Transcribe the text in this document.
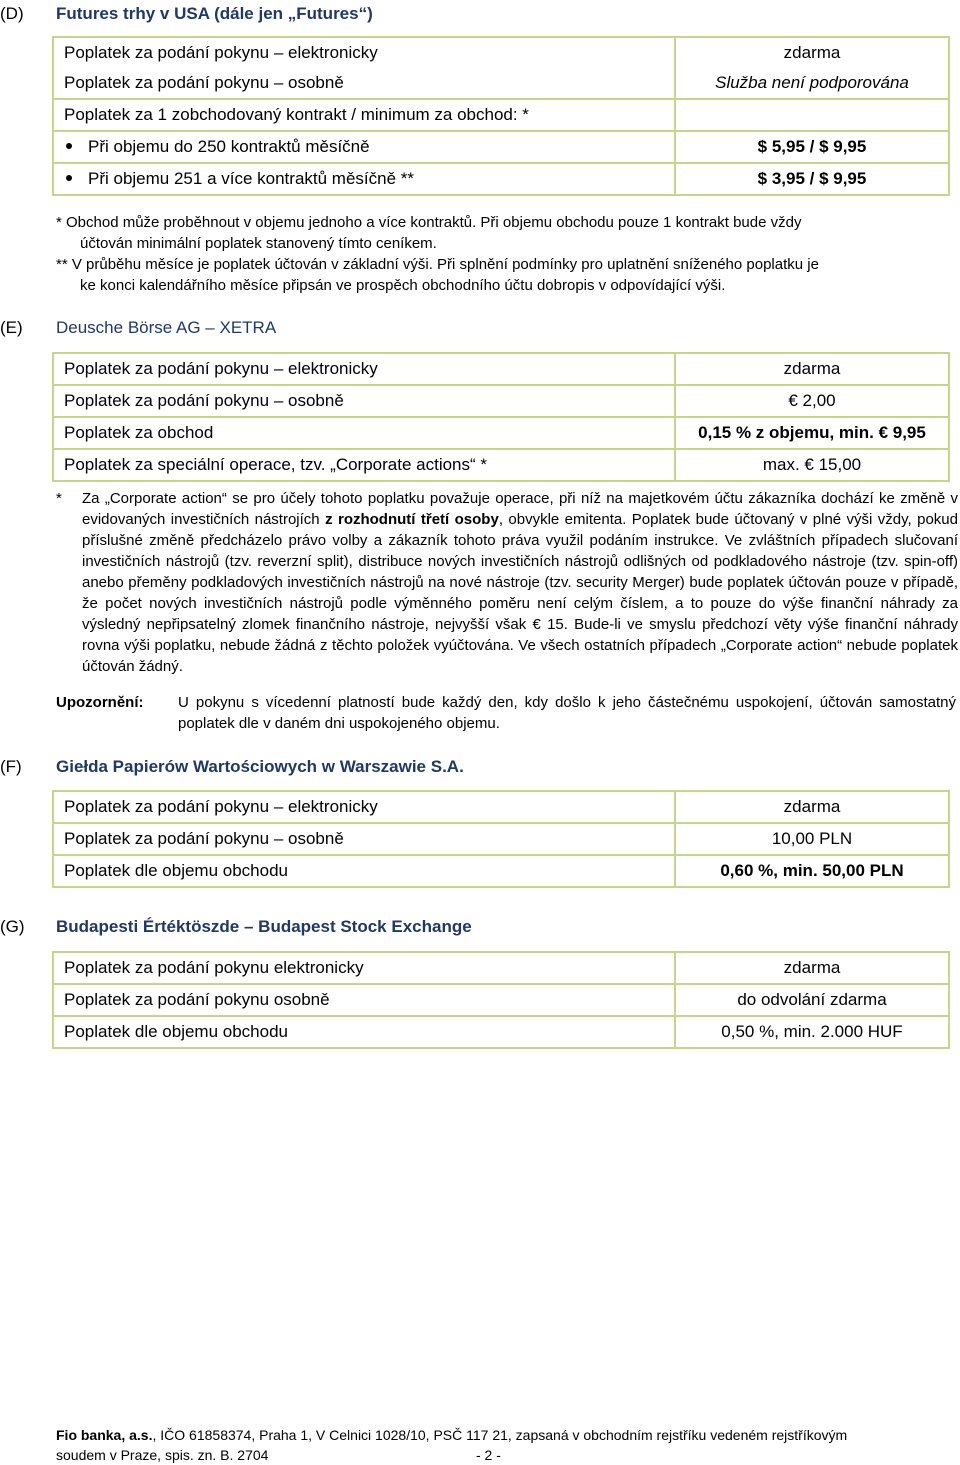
(D) Futures trhy v USA (dále jen „Futures“)
Poplatek za podání pokynu – elektronicky	zdarma
Poplatek za podání pokynu – osobně	Služba není podporována
Poplatek za 1 zobchodovaný kontrakt / minimum za obchod: *	
Při objemu do 250 kontraktů měsíčně	$ 5,95 / $ 9,95
Při objemu 251 a více kontraktů měsíčně **	$ 3,95 / $ 9,95
* Obchod může proběhnout v objemu jednoho a více kontraktů. Při objemu obchodu pouze 1 kontrakt bude vždy
účtován minimální poplatek stanovený tímto ceníkem.
** V průběhu měsíce je poplatek účtován v základní výši. Při splnění podmínky pro uplatnění sníženého poplatku je
ke konci kalendářního měsíce připsán ve prospěch obchodního účtu dobropis v odpovídající výši.
(E) Deusche Börse AG – XETRA
Poplatek za podání pokynu – elektronicky	zdarma
Poplatek za podání pokynu – osobně	€ 2,00
Poplatek za obchod	0,15 % z objemu, min. € 9,95
Poplatek za speciální operace, tzv. „Corporate actions“ *	max. € 15,00
*	Za „Corporate action“ se pro účely tohoto poplatku považuje operace, při níž na majetkovém účtu zákazníka dochází ke změně v evidovaných investičních nástrojích z rozhodnutí třetí osoby, obvykle emitenta. Poplatek bude účtovaný v plné výši vždy, pokud příslušné změně předcházelo právo volby a zákazník tohoto práva využil podáním instrukce. Ve zvláštních případech slučovaní investičních nástrojů (tzv. reverzní split), distribuce nových investičních nástrojů odlišných od podkladového nástroje (tzv. spin-off) anebo přeměny podkladových investičních nástrojů na nové nástroje (tzv. security Merger) bude poplatek účtován pouze v případě, že počet nových investičních nástrojů podle výměnného poměru není celým číslem, a to pouze do výše finanční náhrady za výsledný nepřipsatelný zlomek finančního nástroje, nejvyšší však € 15. Bude-li ve smyslu předchozí věty výše finanční náhrady rovna výši poplatku, nebude žádná z těchto položek vyúčtována. Ve všech ostatních případech „Corporate action“ nebude poplatek účtován žádný.
Upozornění:	U pokynu s vícedenní platností bude každý den, kdy došlo k jeho částečnému uspokojení, účtován samostatný poplatek dle v daném dni uspokojeného objemu.
(F) Giełda Papierów Wartościowych w Warszawie S.A.
Poplatek za podání pokynu – elektronicky	zdarma
Poplatek za podání pokynu – osobně	10,00 PLN
Poplatek dle objemu obchodu	0,60 %, min. 50,00 PLN
(G) Budapesti Értéktöszde – Budapest Stock Exchange
Poplatek za podání pokynu elektronicky	zdarma
Poplatek za podání pokynu osobně	do odvolání zdarma
Poplatek dle objemu obchodu	0,50 %, min. 2.000 HUF
Fio banka, a.s., IČO 61858374, Praha 1, V Celnici 1028/10, PSČ 117 21, zapsaná v obchodním rejstříku vedeném rejstříkovým
soudem v Praze, spis. zn. B. 2704	- 2 -
